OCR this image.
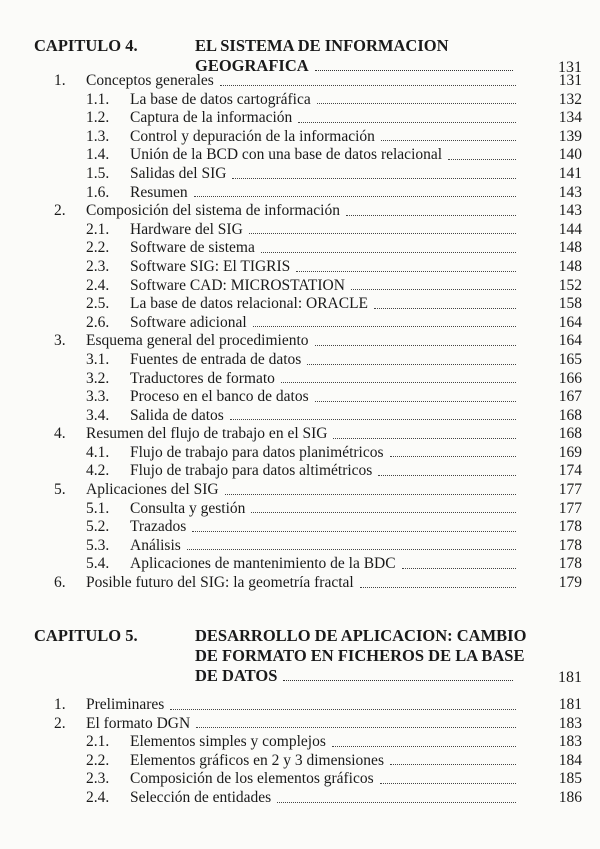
CAPITULO 4.	EL SISTEMA DE INFORMACION
GEOGRAFICA	131
1. Conceptos generales	131
1.1. La base de datos cartográfica	132
1.2. Captura de la información	134
1.3. Control y depuración de la información	139
1.4. Unión de la BCD con una base de datos relacional	140
1.5. Salidas del SIG	141
1.6. Resumen	143
2. Composición del sistema de información	143
2.1. Hardware del SIG	144
2.2. Software de sistema	148
2.3. Software SIG: El TIGRIS	148
2.4. Software CAD: MICROSTATION	152
2.5. La base de datos relacional: ORACLE	158
2.6. Software adicional	164
3. Esquema general del procedimiento	164
3.1. Fuentes de entrada de datos	165
3.2. Traductores de formato	166
3.3. Proceso en el banco de datos	167
3.4. Salida de datos	168
4. Resumen del flujo de trabajo en el SIG	168
4.1. Flujo de trabajo para datos planimétricos	169
4.2. Flujo de trabajo para datos altimétricos	174
5. Aplicaciones del SIG	177
5.1. Consulta y gestión	177
5.2. Trazados	178
5.3. Análisis	178
5.4. Aplicaciones de mantenimiento de la BDC	178
6. Posible futuro del SIG: la geometría fractal	179
CAPITULO 5.	DESARROLLO DE APLICACION: CAMBIO
DE FORMATO EN FICHEROS DE LA BASE
DE DATOS	181
1. Preliminares	181
2. El formato DGN	183
2.1. Elementos simples y complejos	183
2.2. Elementos gráficos en 2 y 3 dimensiones	184
2.3. Composición de los elementos gráficos	185
2.4. Selección de entidades	186
